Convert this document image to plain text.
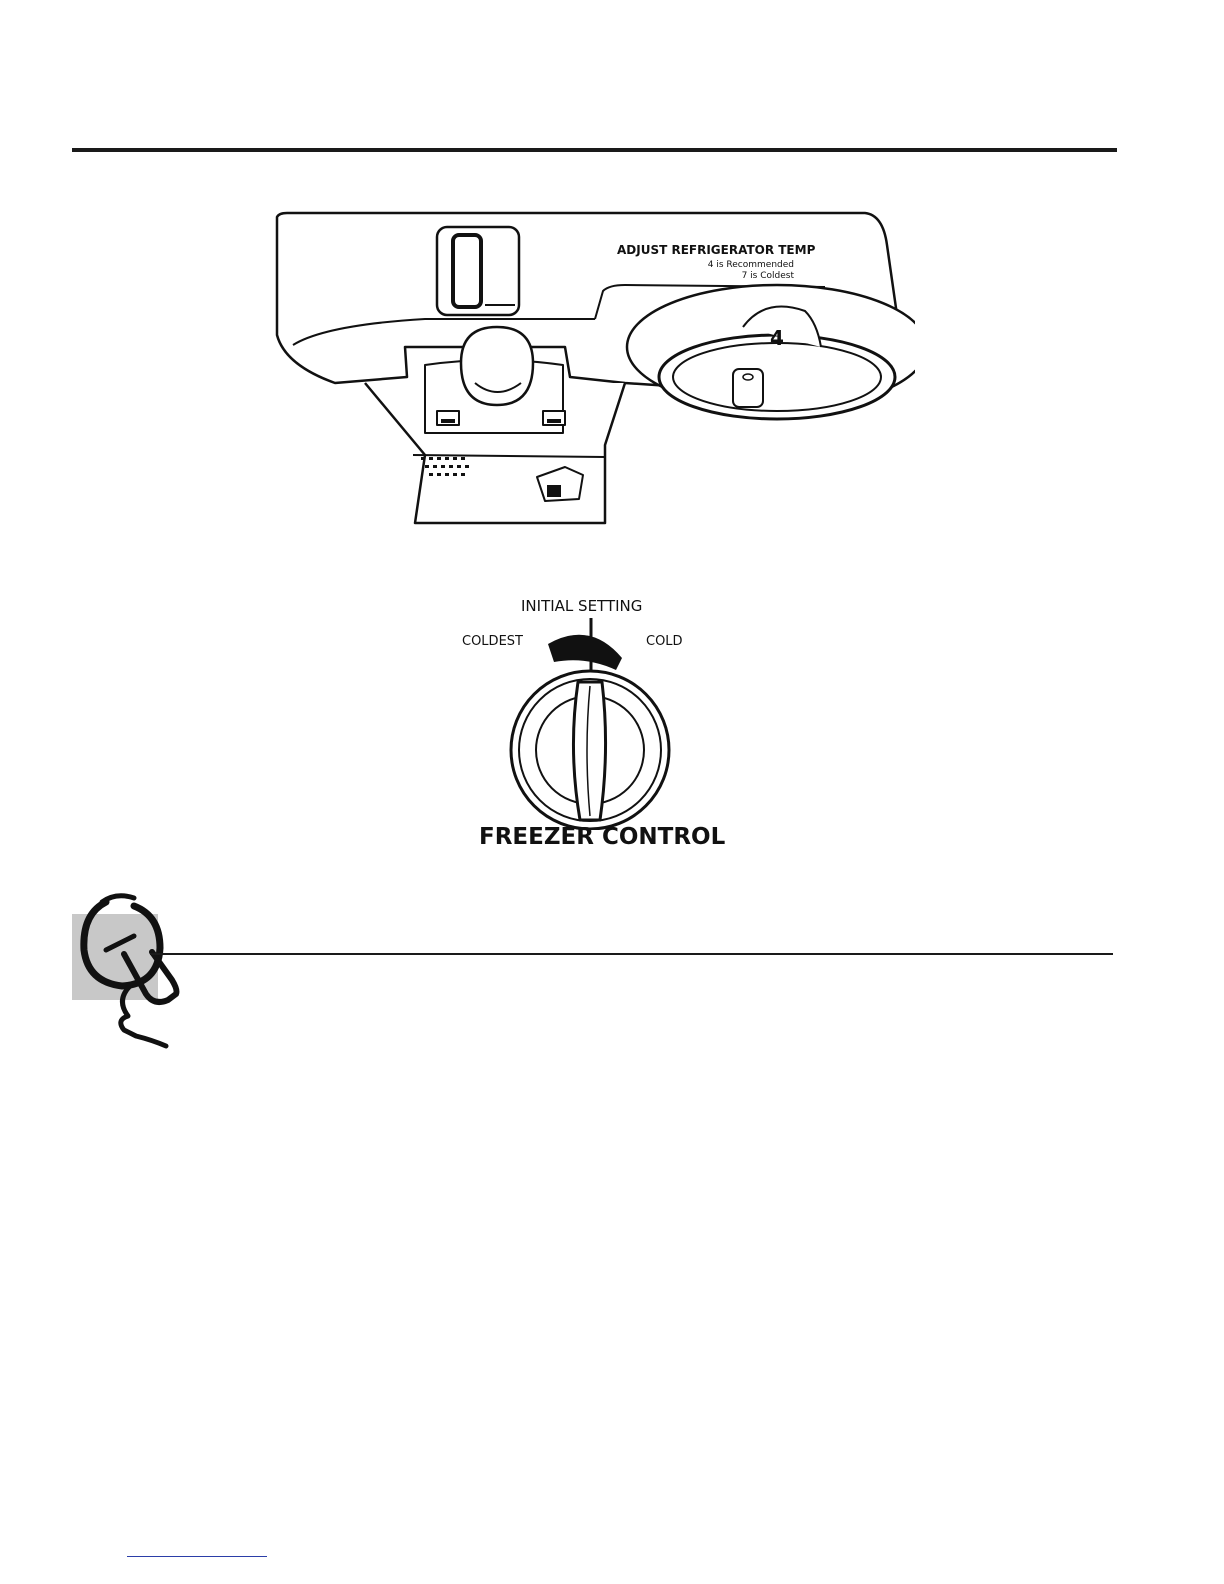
ADJUST REFRIGERATOR TEMP
4 is Recommended
7 is Coldest
4
INITIAL SETTING
COLDEST	COLD
FREEZER CONTROL
